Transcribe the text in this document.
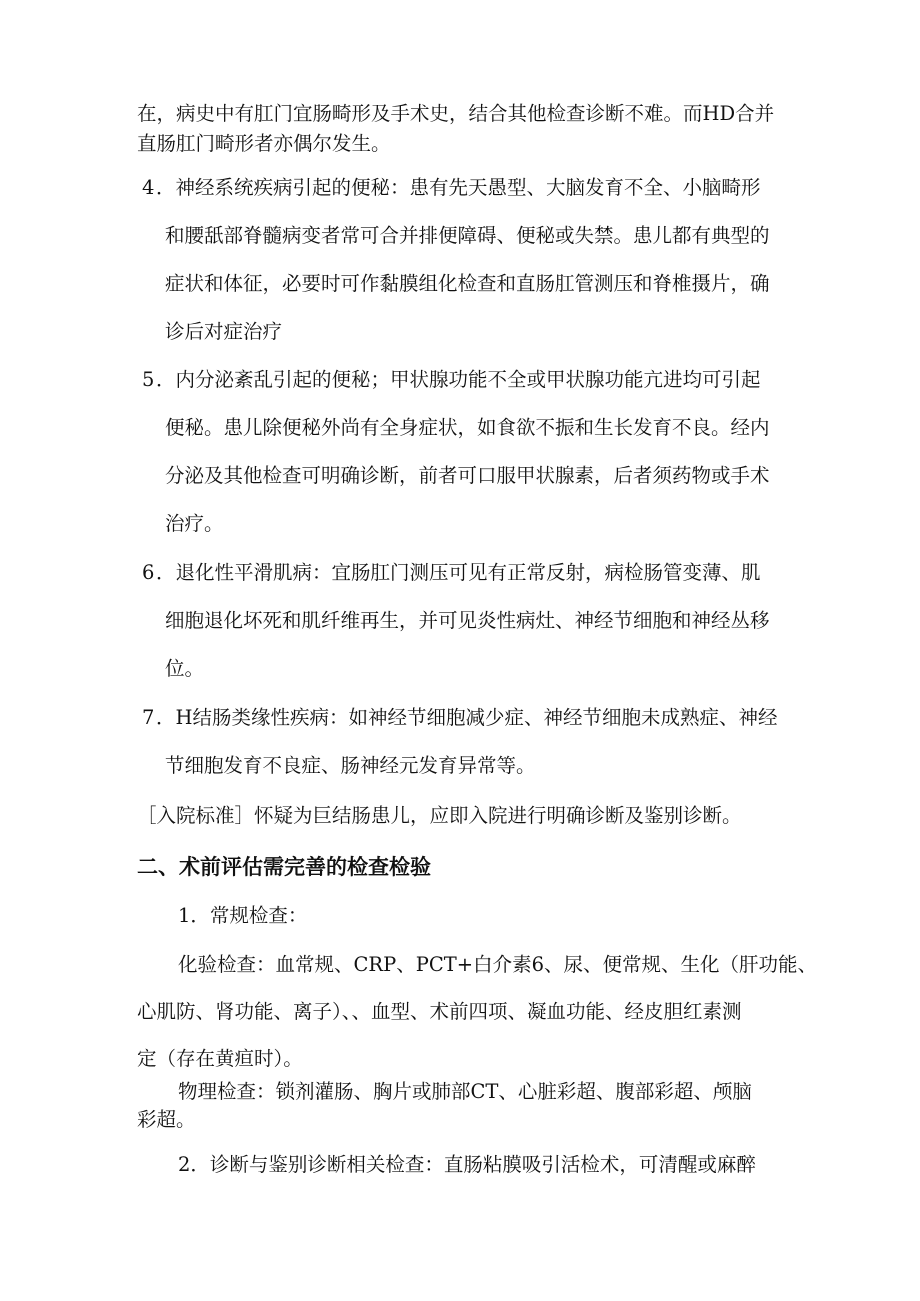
在，病史中有肛门宜肠畸形及手术史，结合其他检查诊断不难。而HD合并
直肠肛门畸形者亦偶尔发生。
4 ．神经系统疾病引起的便秘：患有先天愚型、大脑发育不全、小脑畸形
和腰舐部脊髓病变者常可合并排便障碍、便秘或失禁。患儿都有典型的
症状和体征，必要时可作黏膜组化检查和直肠肛管测压和脊椎摄片，确
诊后对症治疗
5 ．内分泌紊乱引起的便秘；甲状腺功能不全或甲状腺功能亢进均可引起
便秘。患儿除便秘外尚有全身症状，如食欲不振和生长发育不良。经内
分泌及其他检查可明确诊断，前者可口服甲状腺素，后者须药物或手术
治疗。
6 ．退化性平滑肌病：宜肠肛门测压可见有正常反射，病检肠管变薄、肌
细胞退化坏死和肌纤维再生，并可见炎性病灶、神经节细胞和神经丛移
位。
7 ．H结肠类缘性疾病：如神经节细胞减少症、神经节细胞未成熟症、神经
节细胞发育不良症、肠神经元发育异常等。
［入院标准］怀疑为巨结肠患儿，应即入院进行明确诊断及鉴别诊断。
二、术前评估需完善的检查检验
1．常规检查：
化验检查：血常规、CRP、PCT+白介素6、尿、便常规、生化（肝功能、
心肌防、肾功能、离子）、、血型、术前四项、凝血功能、经皮胆红素测
定（存在黄疸时）。
物理检查：锁剂灌肠、胸片或肺部CT、心脏彩超、腹部彩超、颅脑
彩超。
2．诊断与鉴别诊断相关检查：直肠粘膜吸引活检术，可清醒或麻醉
